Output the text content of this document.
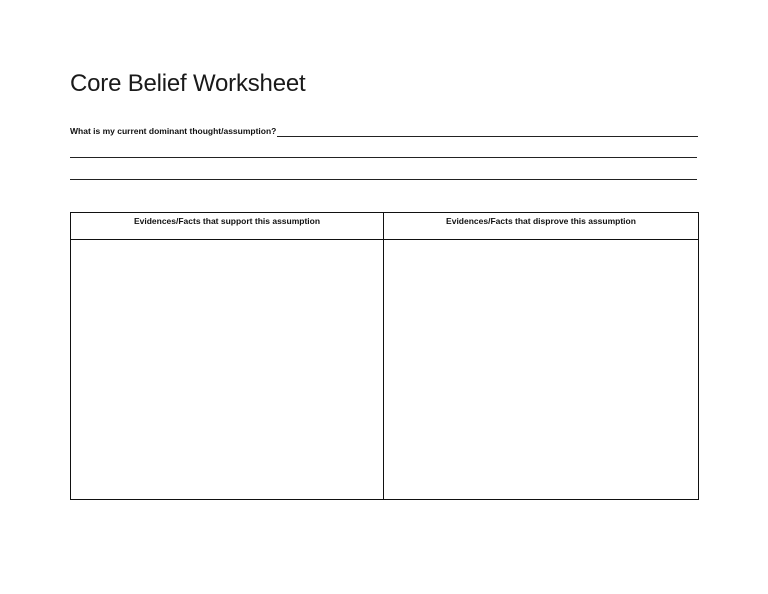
Core Belief Worksheet
What is my current dominant thought/assumption?
Evidences/Facts that support this assumption	Evidences/Facts that disprove this assumption
